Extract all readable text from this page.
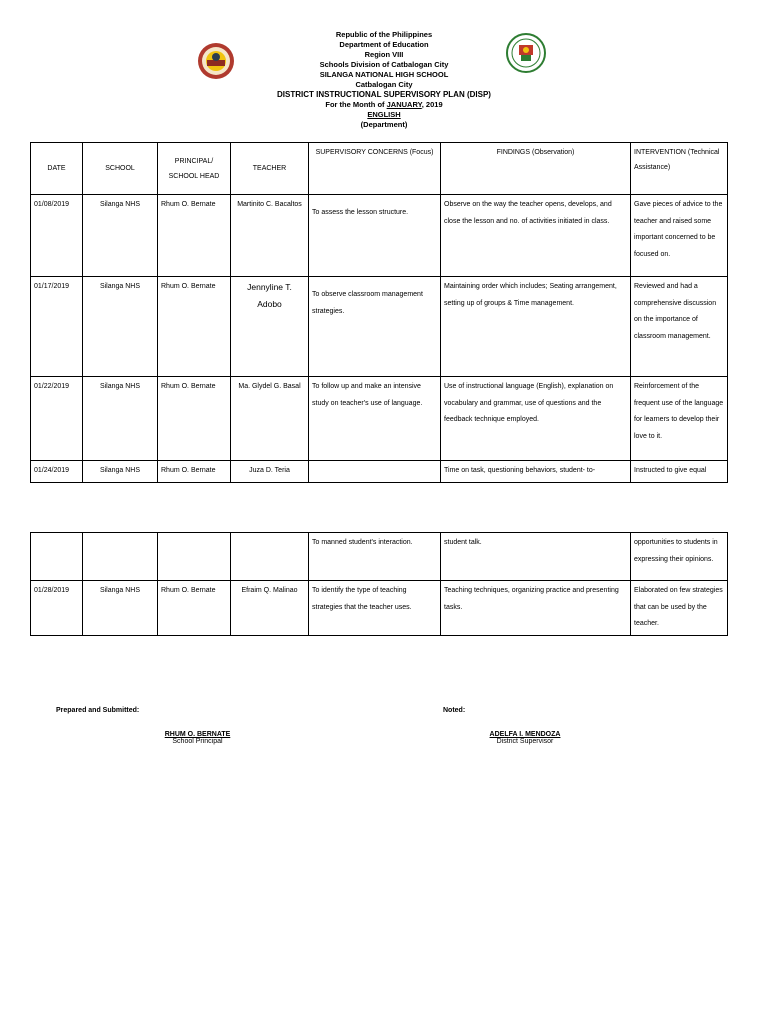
Republic of the Philippines
Department of Education
Region VIII
Schools Division of Catbalogan City
SILANGA NATIONAL HIGH SCHOOL
Catbalogan City
DISTRICT INSTRUCTIONAL SUPERVISORY PLAN (DISP)
For the Month of JANUARY, 2019
ENGLISH
(Department)
DATE	SCHOOL	PRINCIPAL/ SCHOOL HEAD	TEACHER	SUPERVISORY CONCERNS (Focus)	FINDINGS (Observation)	INTERVENTION (Technical Assistance)
01/08/2019	Silanga NHS	Rhum O. Bernate	Martinito C. Bacaltos	To assess the lesson structure.	Observe on the way the teacher opens, develops, and close the lesson and no. of activities initiated in class.	Gave pieces of advice to the teacher and raised some important concerned to be focused on.
01/17/2019	Silanga NHS	Rhum O. Bernate	Jennyline T. Adobo	To observe classroom management strategies.	Maintaining order which includes; Seating arrangement, setting up of groups & Time management.	Reviewed and had a comprehensive discussion on the importance of classroom management.
01/22/2019	Silanga NHS	Rhum O. Bernate	Ma. Glydel G. Basal	To follow up and make an intensive study on teacher's use of language.	Use of instructional language (English), explanation on vocabulary and grammar, use of questions and the feedback technique employed.	Reinforcement of the frequent use of the language for learners to develop their love to it.
01/24/2019	Silanga NHS	Rhum O. Bernate	Juza D. Teria		Time on task, questioning behaviors, student- to-	Instructed to give equal
				To manned student's interaction.	student talk.	opportunities to students in expressing their opinions.
01/28/2019	Silanga NHS	Rhum O. Bernate	Efraim Q. Malinao	To identify the type of teaching strategies that the teacher uses.	Teaching techniques, organizing practice and presenting tasks.	Elaborated on few strategies that can be used by the teacher.
Prepared and Submitted:
RHUM O. BERNATE
School Principal
Noted:
ADELFA I. MENDOZA
District Supervisor
